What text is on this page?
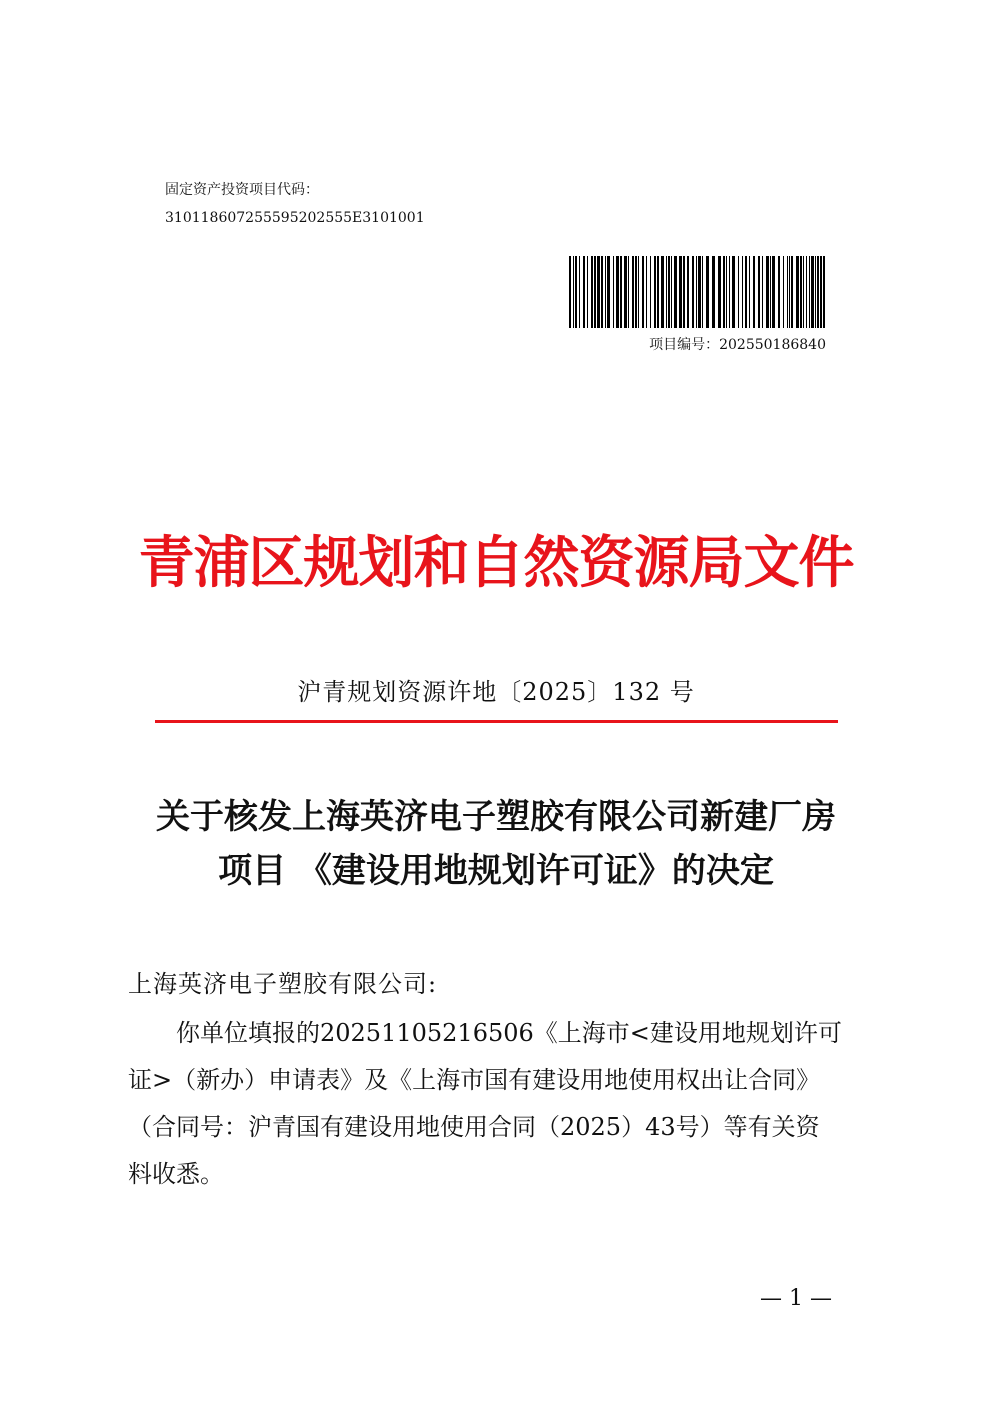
固定资产投资项目代码：
310118607255595202555E3101001
项目编号：202550186840
青浦区规划和自然资源局文件
沪青规划资源许地〔2025〕132 号
关于核发上海英济电子塑胶有限公司新建厂房
项目 《建设用地规划许可证》的决定
上海英济电子塑胶有限公司:
你单位填报的20251105216506《上海市<建设用地规划许可
证>（新办）申请表》及《上海市国有建设用地使用权出让合同》
（合同号：沪青国有建设用地使用合同（2025）43号）等有关资
料收悉。
— 1 —
